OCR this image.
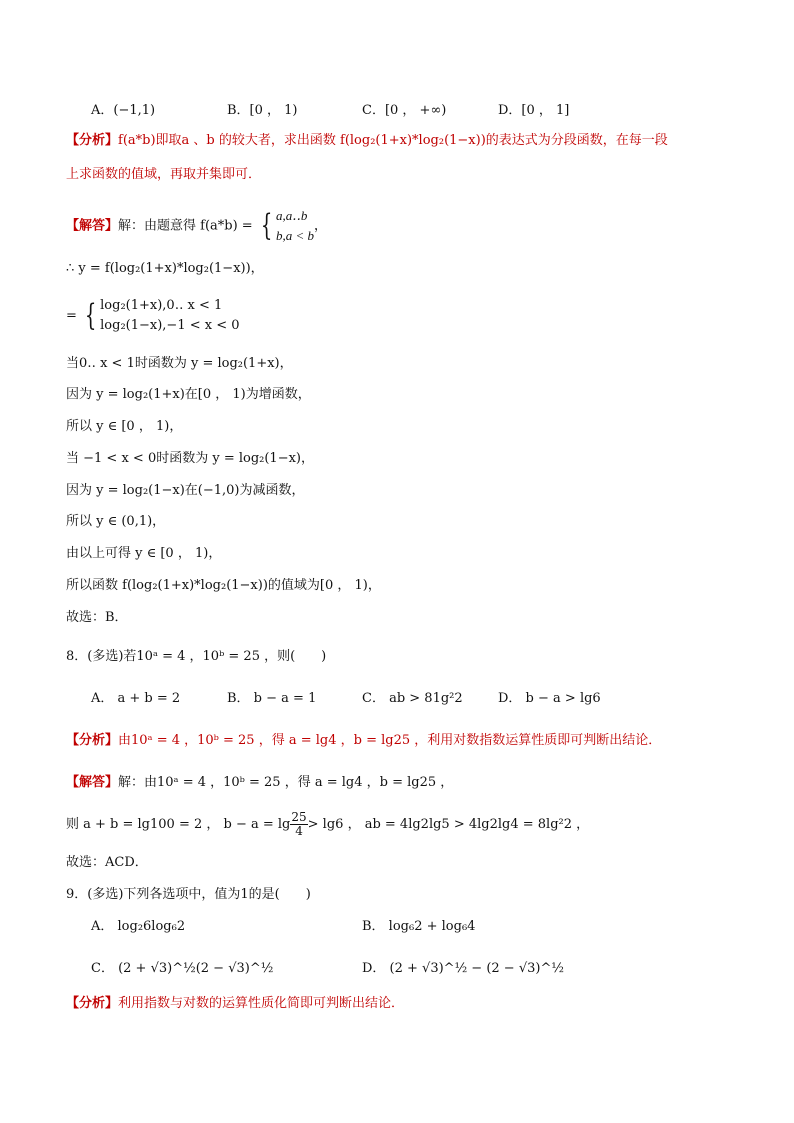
A．(−1,1)	B．[0 ， 1)	C．[0 ， +∞)	D．[0 ， 1]
【分析】f(a*b)即取a 、b 的较大者，求出函数 f(log₂(1+x)*log₂(1−x))的表达式为分段函数，在每一段
上求函数的值域，再取并集即可．
【解答】解：由题意得 f(a*b) = { a,a‥b
b,a < b
，
∴ y = f(log₂(1+x)*log₂(1−x))，
= { log₂(1+x),0‥ x < 1
log₂(1−x),−1 < x < 0
当0‥ x < 1时函数为 y = log₂(1+x)，
因为 y = log₂(1+x)在[0 ， 1)为增函数，
所以 y ∈ [0 ， 1)，
当 −1 < x < 0时函数为 y = log₂(1−x)，
因为 y = log₂(1−x)在(−1,0)为减函数，
所以 y ∈ (0,1)，
由以上可得 y ∈ [0 ， 1)，
所以函数 f(log₂(1+x)*log₂(1−x))的值域为[0 ， 1)，
故选：B．
8．(多选)若10ᵃ = 4 ，10ᵇ = 25 ，则(　　)
A． a + b = 2	B． b − a = 1	C． ab > 81g²2	D． b − a > lg6
【分析】由10ᵃ = 4 ，10ᵇ = 25 ，得 a = lg4 ，b = lg25 ，利用对数指数运算性质即可判断出结论．
【解答】解：由10ᵃ = 4 ，10ᵇ = 25 ，得 a = lg4 ，b = lg25 ，
则 a + b = lg100 = 2 ， $b - a = \lg \frac{25}{4} > \lg 6$ ， ab = 4lg2lg5 > 4lg2lg4 = 8lg²2 ，
故选：ACD．
9．(多选)下列各选项中，值为1的是(　　)
A． log₂6log₆2	B． log₆2 + log₆4
C． (2 + √3)^½(2 − √3)^½	D． (2 + √3)^½ − (2 − √3)^½
【分析】利用指数与对数的运算性质化简即可判断出结论．
